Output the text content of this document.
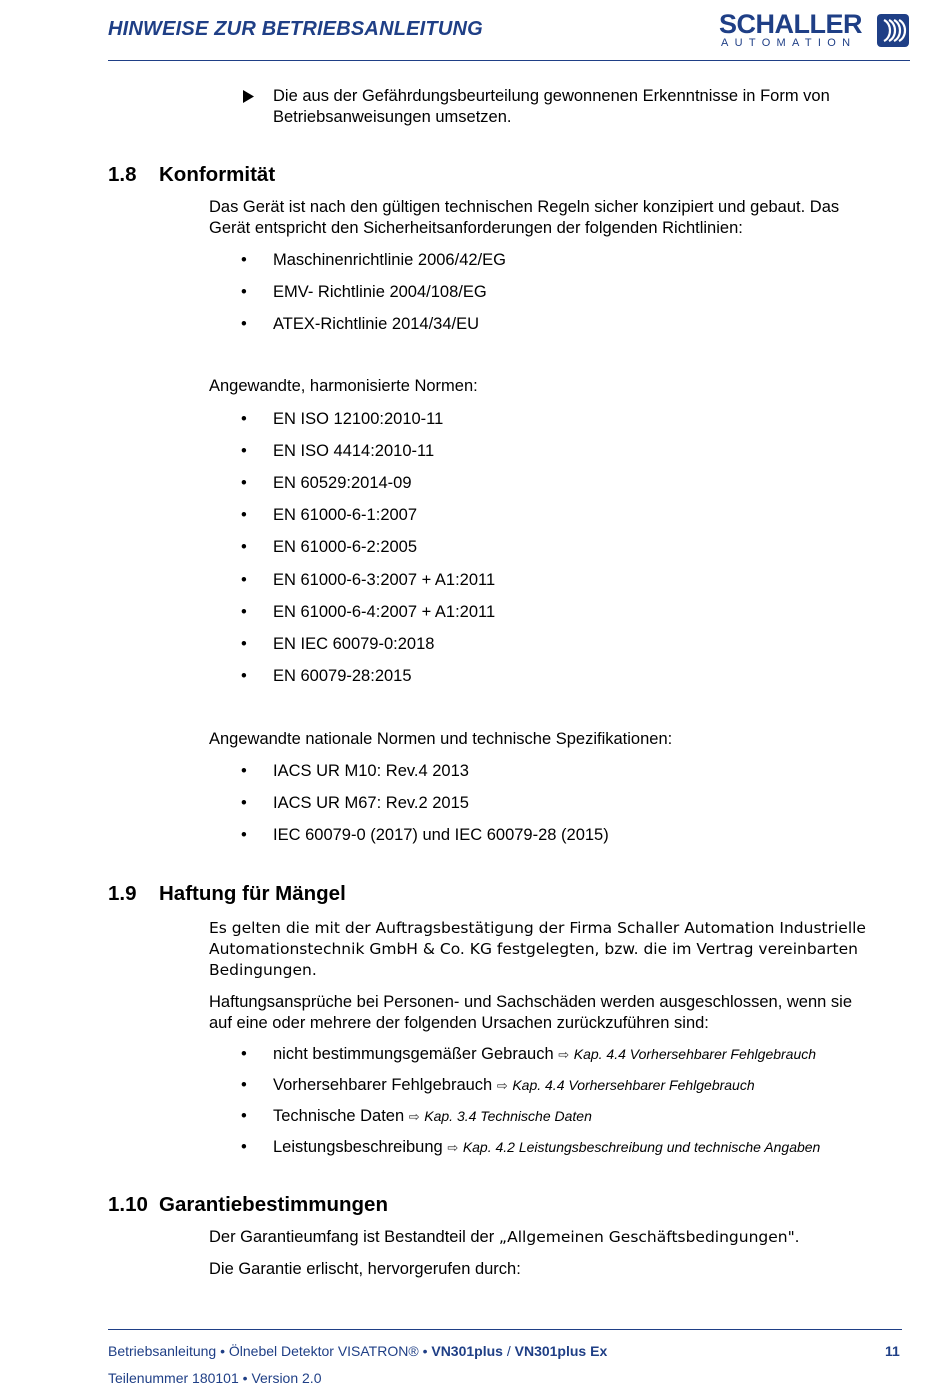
HINWEISE ZUR BETRIEBSANLEITUNG	SCHALLER
AUTOMATION
Die aus der Gefährdungsbeurteilung gewonnenen Erkenntnisse in Form von
Betriebsanweisungen umsetzen.
1.8 Konformität
Das Gerät ist nach den gültigen technischen Regeln sicher konzipiert und gebaut. Das
Gerät entspricht den Sicherheitsanforderungen der folgenden Richtlinien:
• Maschinenrichtlinie 2006/42/EG
• EMV- Richtlinie 2004/108/EG
• ATEX-Richtlinie 2014/34/EU
Angewandte, harmonisierte Normen:
• EN ISO 12100:2010-11
• EN ISO 4414:2010-11
• EN 60529:2014-09
• EN 61000-6-1:2007
• EN 61000-6-2:2005
• EN 61000-6-3:2007 + A1:2011
• EN 61000-6-4:2007 + A1:2011
• EN IEC 60079-0:2018
• EN 60079-28:2015
Angewandte nationale Normen und technische Spezifikationen:
• IACS UR M10: Rev.4 2013
• IACS UR M67: Rev.2 2015
• IEC 60079-0 (2017) und IEC 60079-28 (2015)
1.9 Haftung für Mängel
Es gelten die mit der Auftragsbestätigung der Firma Schaller Automation Industrielle
Automationstechnik GmbH & Co. KG festgelegten, bzw. die im Vertrag vereinbarten
Bedingungen.
Haftungsansprüche bei Personen- und Sachschäden werden ausgeschlossen, wenn sie
auf eine oder mehrere der folgenden Ursachen zurückzuführen sind:
• nicht bestimmungsgemäßer Gebrauch ⇨ Kap. 4.4 Vorhersehbarer Fehlgebrauch
• Vorhersehbarer Fehlgebrauch ⇨ Kap. 4.4 Vorhersehbarer Fehlgebrauch
• Technische Daten ⇨ Kap. 3.4 Technische Daten
• Leistungsbeschreibung ⇨ Kap. 4.2 Leistungsbeschreibung und technische Angaben
1.10 Garantiebestimmungen
Der Garantieumfang ist Bestandteil der „Allgemeinen Geschäftsbedingungen".
Die Garantie erlischt, hervorgerufen durch:
Betriebsanleitung • Ölnebel Detektor VISATRON® • VN301plus / VN301plus Ex	11
Teilenummer 180101 • Version 2.0
